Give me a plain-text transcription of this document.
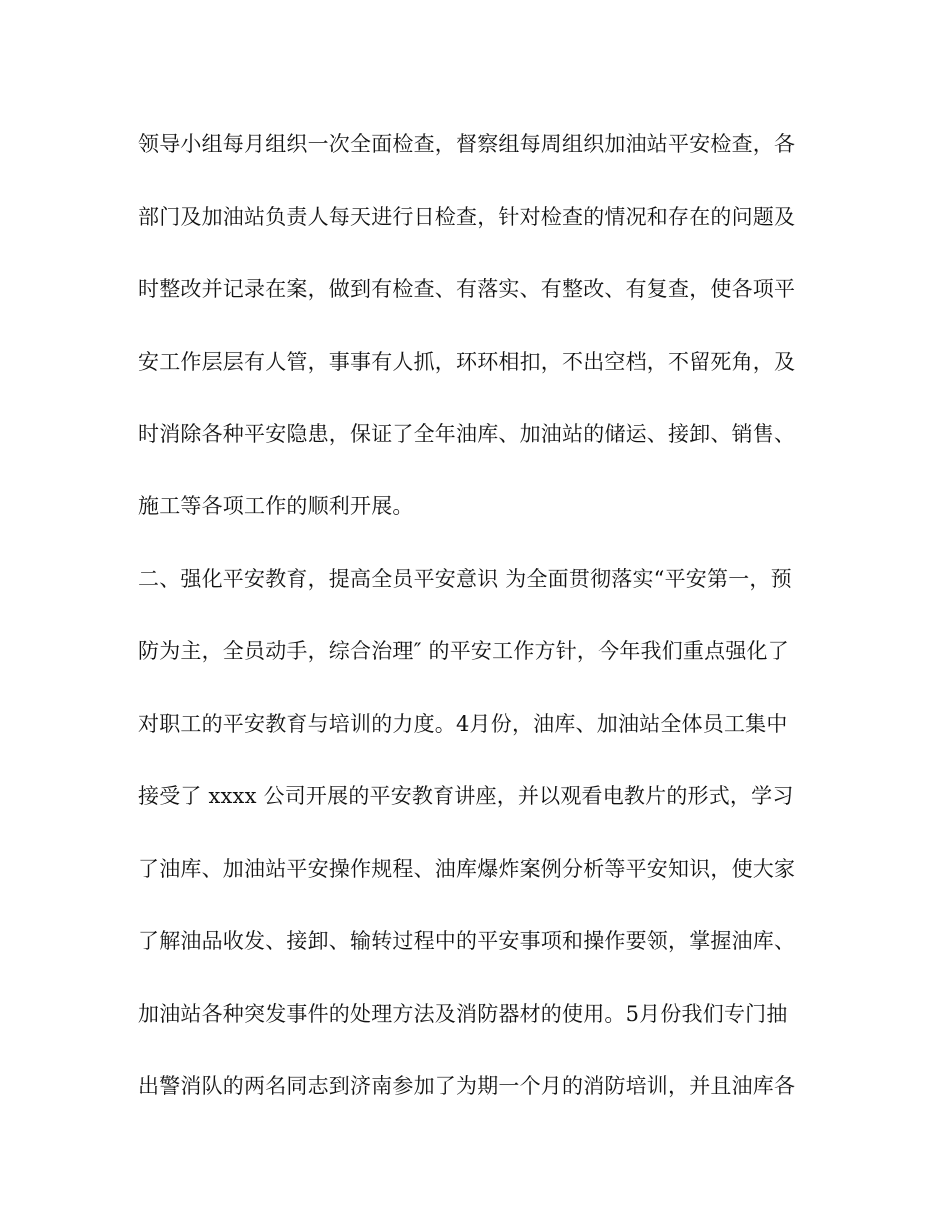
领导小组每月组织一次全面检查，督察组每周组织加油站平安检查，各
部门及加油站负责人每天进行日检查，针对检查的情况和存在的问题及
时整改并记录在案，做到有检查、有落实、有整改、有复查，使各项平
安工作层层有人管，事事有人抓，环环相扣，不出空档，不留死角，及
时消除各种平安隐患，保证了全年油库、加油站的储运、接卸、销售、
施工等各项工作的顺利开展。
二、强化平安教育，提高全员平安意识 为全面贯彻落实“平安第一，预
防为主，全员动手，综合治理″ 的平安工作方针，今年我们重点强化了
对职工的平安教育与培训的力度。4月份，油库、加油站全体员工集中
接受了 xxxx 公司开展的平安教育讲座，并以观看电教片的形式，学习
了油库、加油站平安操作规程、油库爆炸案例分析等平安知识，使大家
了解油品收发、接卸、输转过程中的平安事项和操作要领，掌握油库、
加油站各种突发事件的处理方法及消防器材的使用。5月份我们专门抽
出警消队的两名同志到济南参加了为期一个月的消防培训，并且油库各
